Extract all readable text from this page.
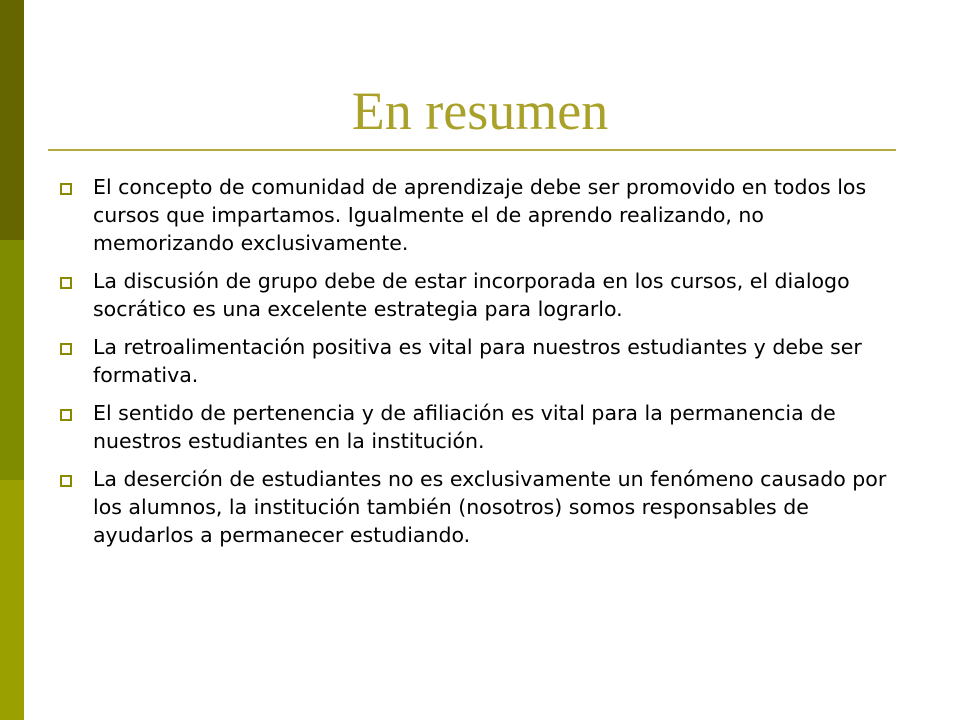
En resumen
El concepto de comunidad de aprendizaje debe ser promovido en todos los cursos que impartamos. Igualmente el de aprendo realizando, no memorizando exclusivamente.
La discusión de grupo debe de estar incorporada en los cursos, el dialogo socrático es una excelente estrategia para lograrlo.
La retroalimentación positiva es vital para nuestros estudiantes y debe ser formativa.
El sentido de pertenencia y de afiliación es vital para la permanencia de nuestros estudiantes en la institución.
La deserción de estudiantes no es exclusivamente un fenómeno causado por los alumnos, la institución también (nosotros) somos responsables de ayudarlos a permanecer estudiando.
